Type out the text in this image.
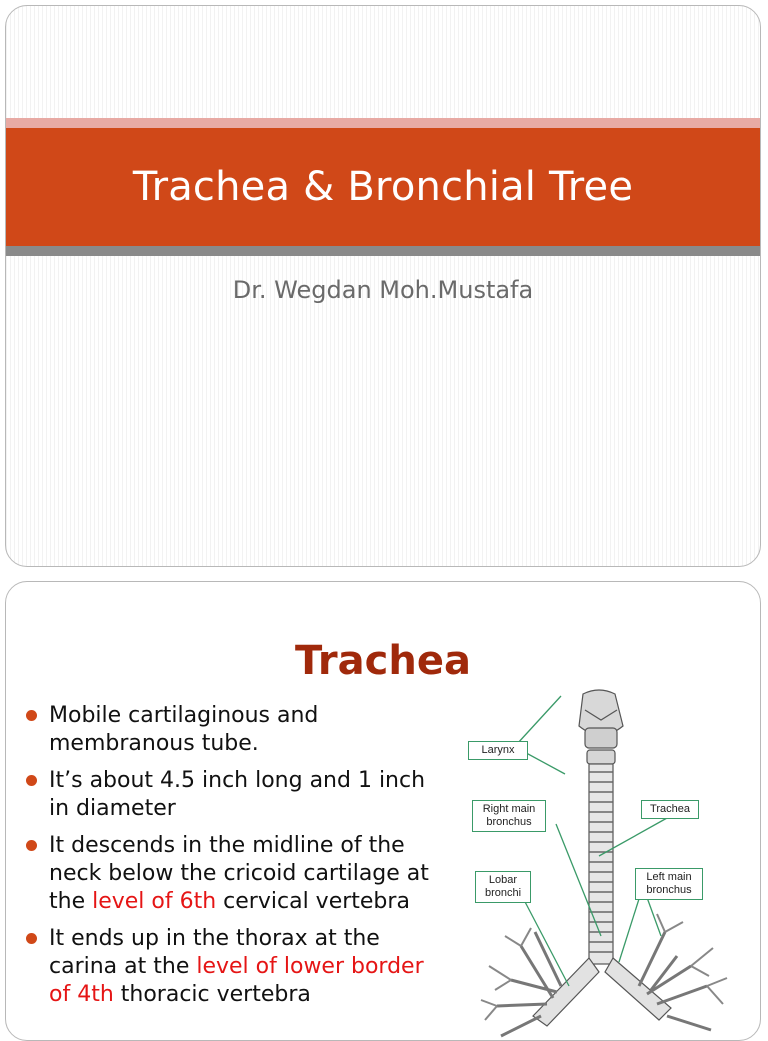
Trachea & Bronchial Tree
Dr. Wegdan Moh.Mustafa
Trachea
Mobile cartilaginous and membranous tube.
It’s about 4.5 inch long and 1 inch in diameter
It descends in the midline of the neck below the cricoid cartilage at the level of 6th cervical vertebra
It ends up in the thorax at the carina at the level of lower border of 4th thoracic vertebra
Larynx
Right main bronchus
Trachea
Lobar bronchi
Left main bronchus
